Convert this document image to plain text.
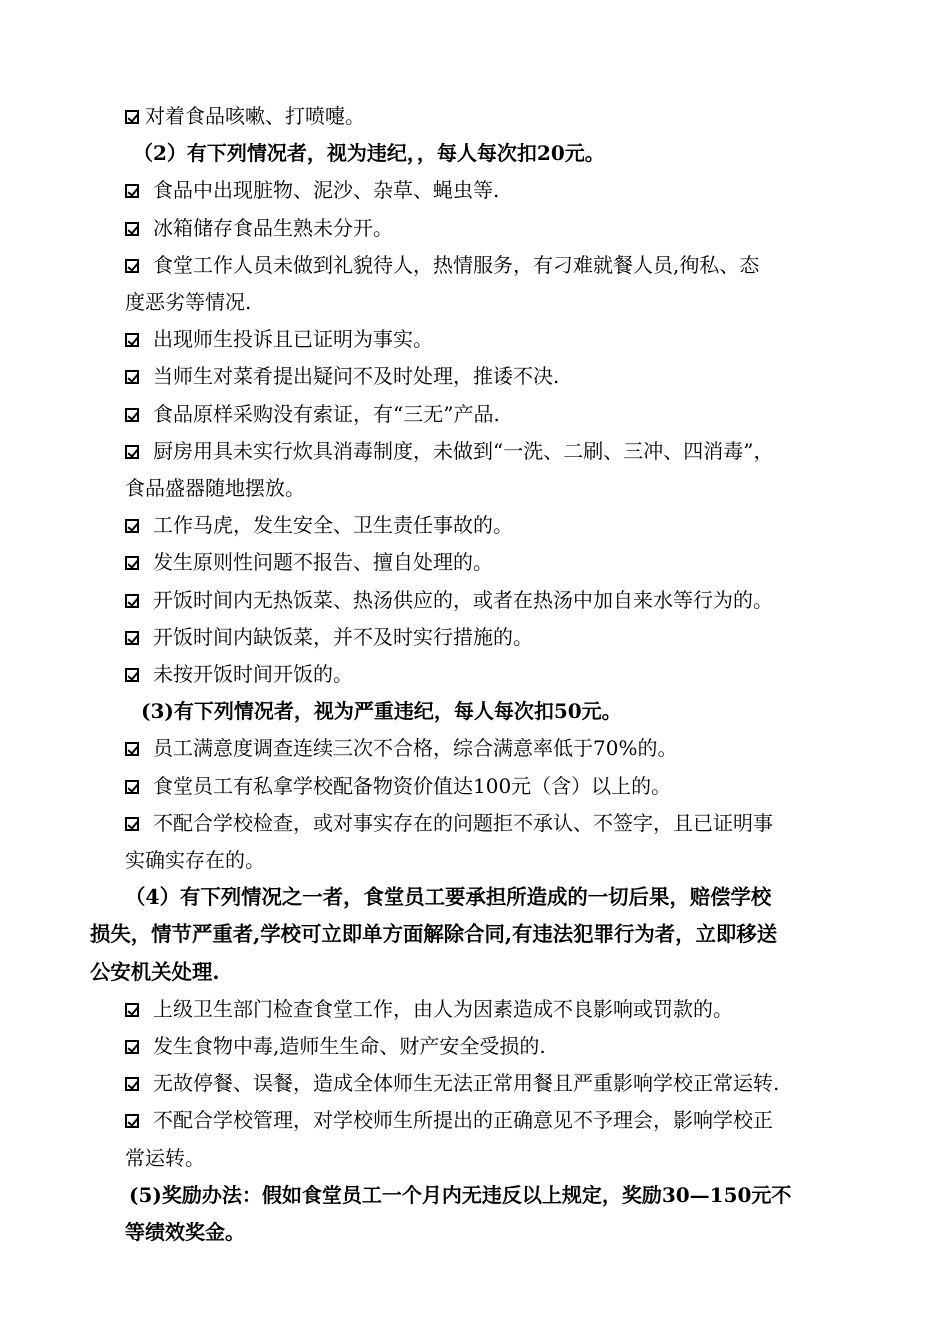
对着食品咳嗽、打喷嚏。
（2）有下列情况者，视为违纪，，每人每次扣20元。
食品中出现脏物、泥沙、杂草、蝇虫等.
冰箱储存食品生熟未分开。
食堂工作人员未做到礼貌待人，热情服务，有刁难就餐人员,徇私、态
度恶劣等情况.
出现师生投诉且已证明为事实。
当师生对菜肴提出疑问不及时处理，推诿不决.
食品原样采购没有索证，有“三无”产品.
厨房用具未实行炊具消毒制度，未做到“一洗、二刷、三冲、四消毒”，
食品盛器随地摆放。
工作马虎，发生安全、卫生责任事故的。
发生原则性问题不报告、擅自处理的。
开饭时间内无热饭菜、热汤供应的，或者在热汤中加自来水等行为的。
开饭时间内缺饭菜，并不及时实行措施的。
未按开饭时间开饭的。
(3)有下列情况者，视为严重违纪，每人每次扣50元。
员工满意度调查连续三次不合格，综合满意率低于70%的。
食堂员工有私拿学校配备物资价值达100元（含）以上的。
不配合学校检查，或对事实存在的问题拒不承认、不签字，且已证明事
实确实存在的。
（4）有下列情况之一者，食堂员工要承担所造成的一切后果，赔偿学校
损失，情节严重者,学校可立即单方面解除合同,有违法犯罪行为者，立即移送
公安机关处理.
上级卫生部门检查食堂工作，由人为因素造成不良影响或罚款的。
发生食物中毒,造师生生命、财产安全受损的.
无故停餐、误餐，造成全体师生无法正常用餐且严重影响学校正常运转.
不配合学校管理，对学校师生所提出的正确意见不予理会，影响学校正
常运转。
(5)奖励办法：假如食堂员工一个月内无违反以上规定，奖励30—150元不
等绩效奖金。
